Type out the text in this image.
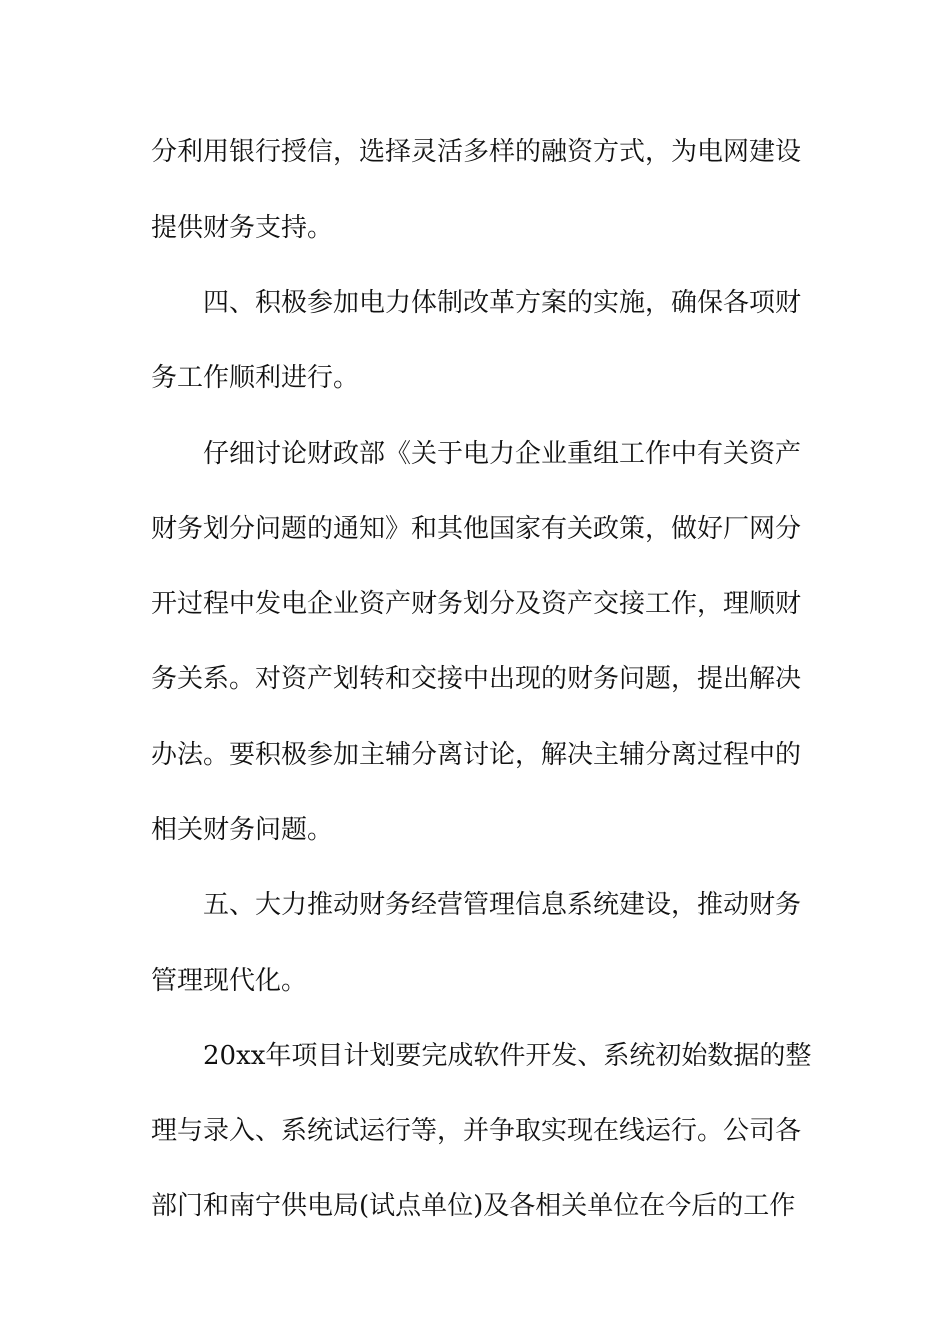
分利用银行授信，选择灵活多样的融资方式，为电网建设
提供财务支持。
四、积极参加电力体制改革方案的实施，确保各项财
务工作顺利进行。
仔细讨论财政部《关于电力企业重组工作中有关资产
财务划分问题的通知》和其他国家有关政策，做好厂网分
开过程中发电企业资产财务划分及资产交接工作，理顺财
务关系。对资产划转和交接中出现的财务问题，提出解决
办法。要积极参加主辅分离讨论，解决主辅分离过程中的
相关财务问题。
五、大力推动财务经营管理信息系统建设，推动财务
管理现代化。
20xx年项目计划要完成软件开发、系统初始数据的整
理与录入、系统试运行等，并争取实现在线运行。公司各
部门和南宁供电局(试点单位)及各相关单位在今后的工作
